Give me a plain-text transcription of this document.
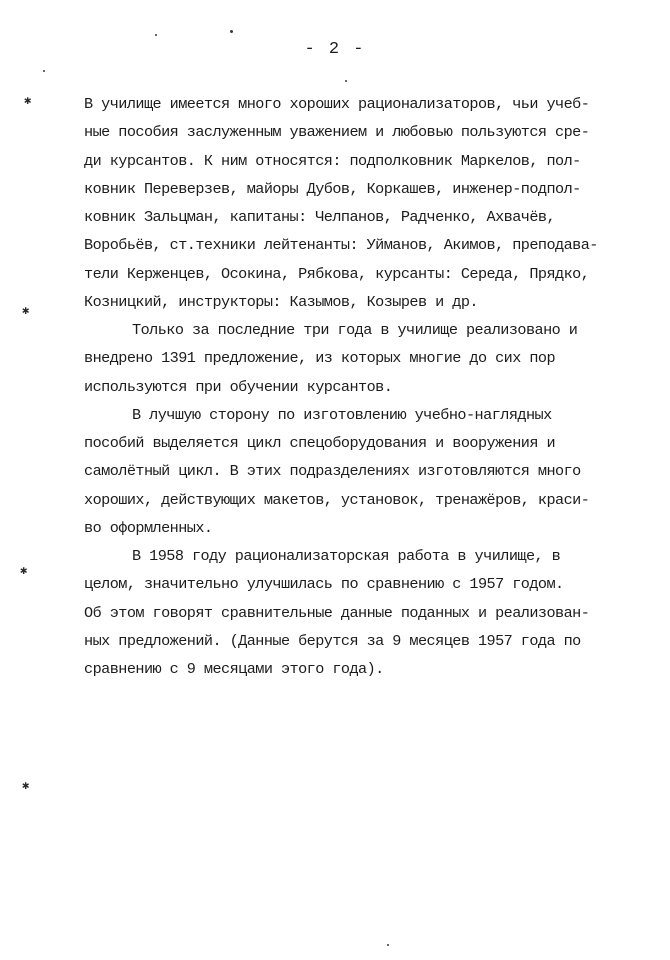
- 2 -
✱
✱
✱
✱
В училище имеется много хороших рационализаторов, чьи учеб-
ные пособия заслуженным уважением и любовью пользуются сре-
ди курсантов. К ним относятся: подполковник Маркелов, пол-
ковник Переверзев, майоры Дубов, Коркашев, инженер-подпол-
ковник Зальцман, капитаны: Челпанов, Радченко, Ахвачёв,
Воробьёв, ст.техники лейтенанты: Уйманов, Акимов, преподава-
тели Керженцев, Осокина, Рябкова, курсанты: Середа, Прядко,
Козницкий, инструкторы: Казымов, Козырев и др.
Только за последние три года в училище реализовано и
внедрено 1391 предложение, из которых многие до сих пор
используются при обучении курсантов.
В лучшую сторону по изготовлению учебно-наглядных
пособий выделяется цикл спецоборудования и вооружения и
самолётный цикл. В этих подразделениях изготовляются много
хороших, действующих макетов, установок, тренажёров, краси-
во оформленных.
В 1958 году рационализаторская работа в училище, в
целом, значительно улучшилась по сравнению с 1957 годом.
Об этом говорят сравнительные данные поданных и реализован-
ных предложений. (Данные берутся за 9 месяцев 1957 года по
сравнению с 9 месяцами этого года).
